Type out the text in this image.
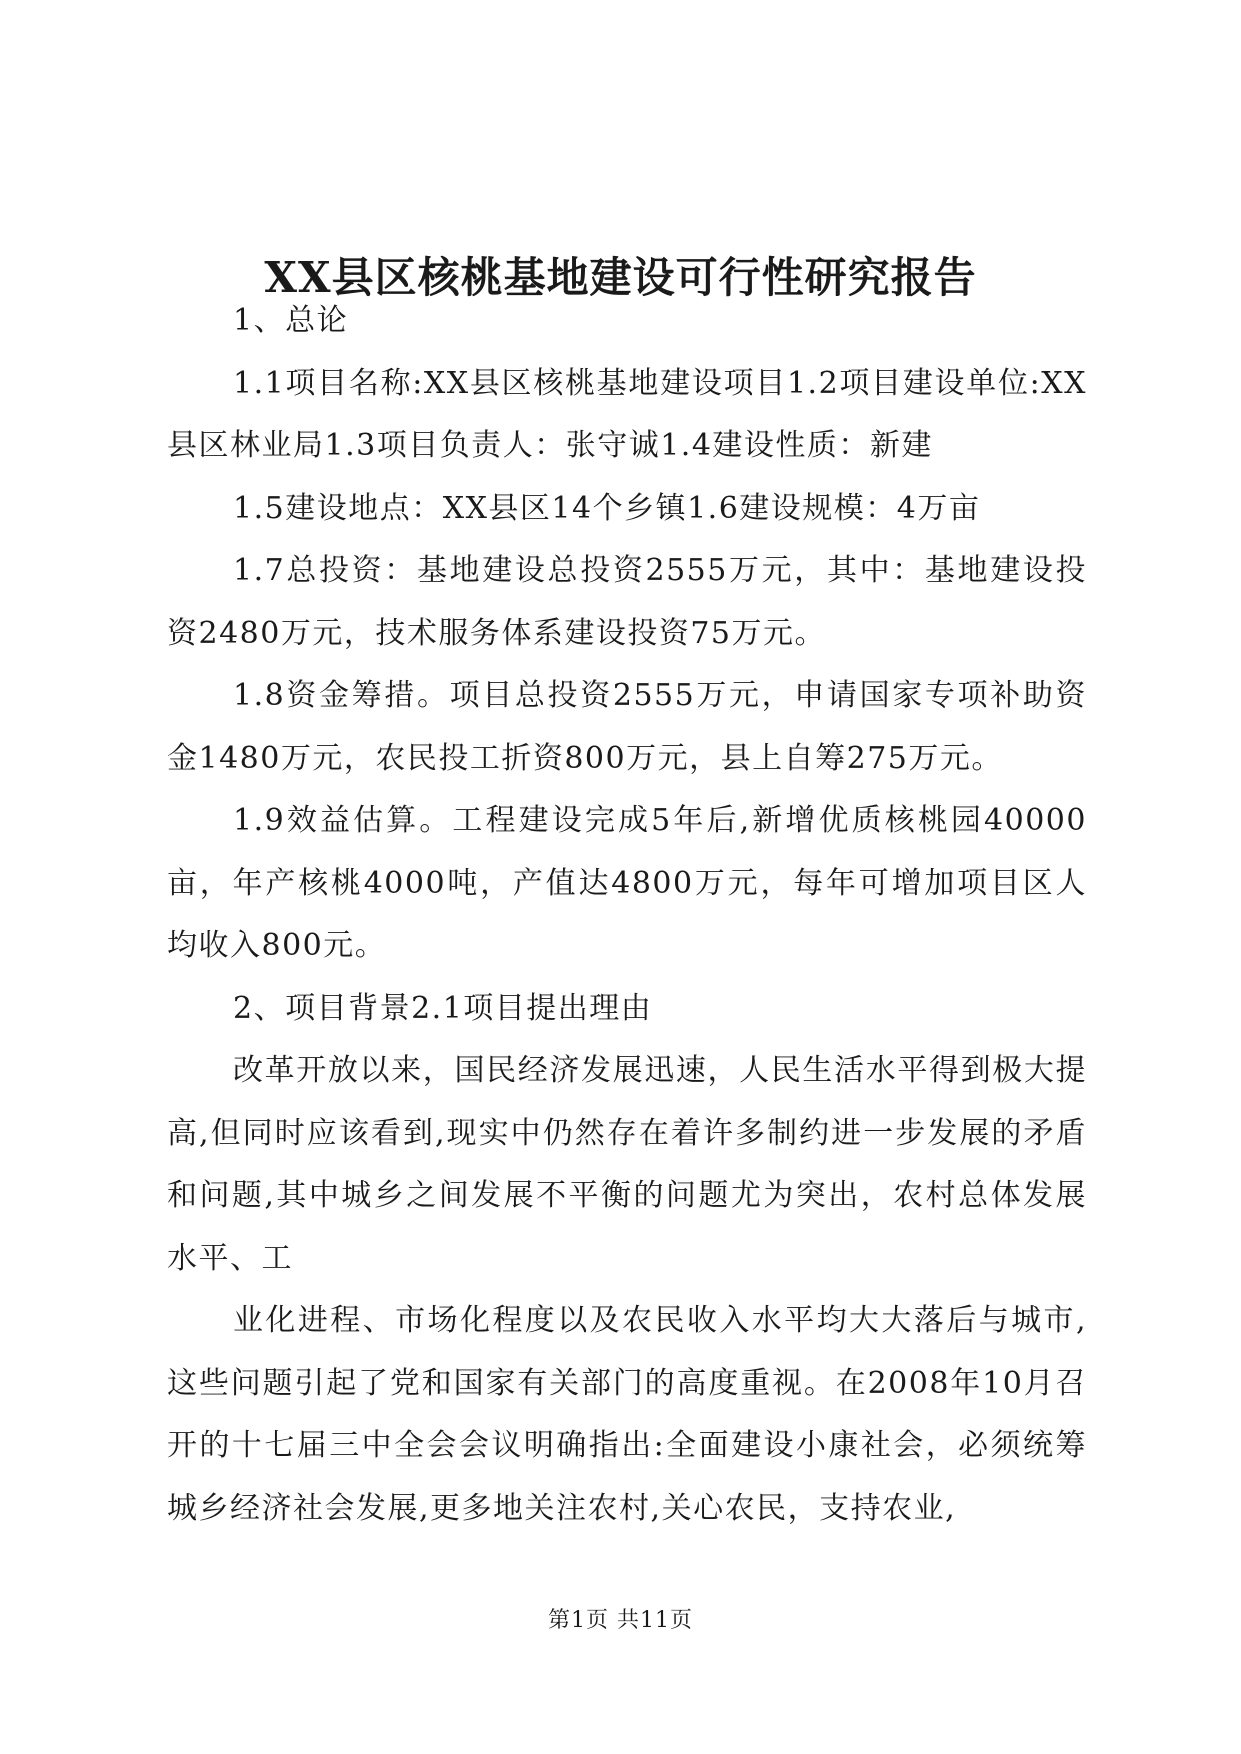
XX县区核桃基地建设可行性研究报告

1、总论

1.1项目名称:XX县区核桃基地建设项目1.2项目建设单位:XX县区林业局1.3项目负责人：张守诚1.4建设性质：新建

1.5建设地点：XX县区14个乡镇1.6建设规模：4万亩

1.7总投资：基地建设总投资2555万元，其中：基地建设投资2480万元，技术服务体系建设投资75万元。

1.8资金筹措。项目总投资2555万元，申请国家专项补助资金1480万元，农民投工折资800万元，县上自筹275万元。

1.9效益估算。工程建设完成5年后,新增优质核桃园40000亩，年产核桃4000吨，产值达4800万元，每年可增加项目区人均收入800元。

2、项目背景2.1项目提出理由

改革开放以来，国民经济发展迅速，人民生活水平得到极大提高,但同时应该看到,现实中仍然存在着许多制约进一步发展的矛盾和问题,其中城乡之间发展不平衡的问题尤为突出，农村总体发展水平、工

业化进程、市场化程度以及农民收入水平均大大落后与城市,这些问题引起了党和国家有关部门的高度重视。在2008年10月召开的十七届三中全会会议明确指出:全面建设小康社会，必须统筹城乡经济社会发展,更多地关注农村,关心农民，支持农业,

第1页 共11页
